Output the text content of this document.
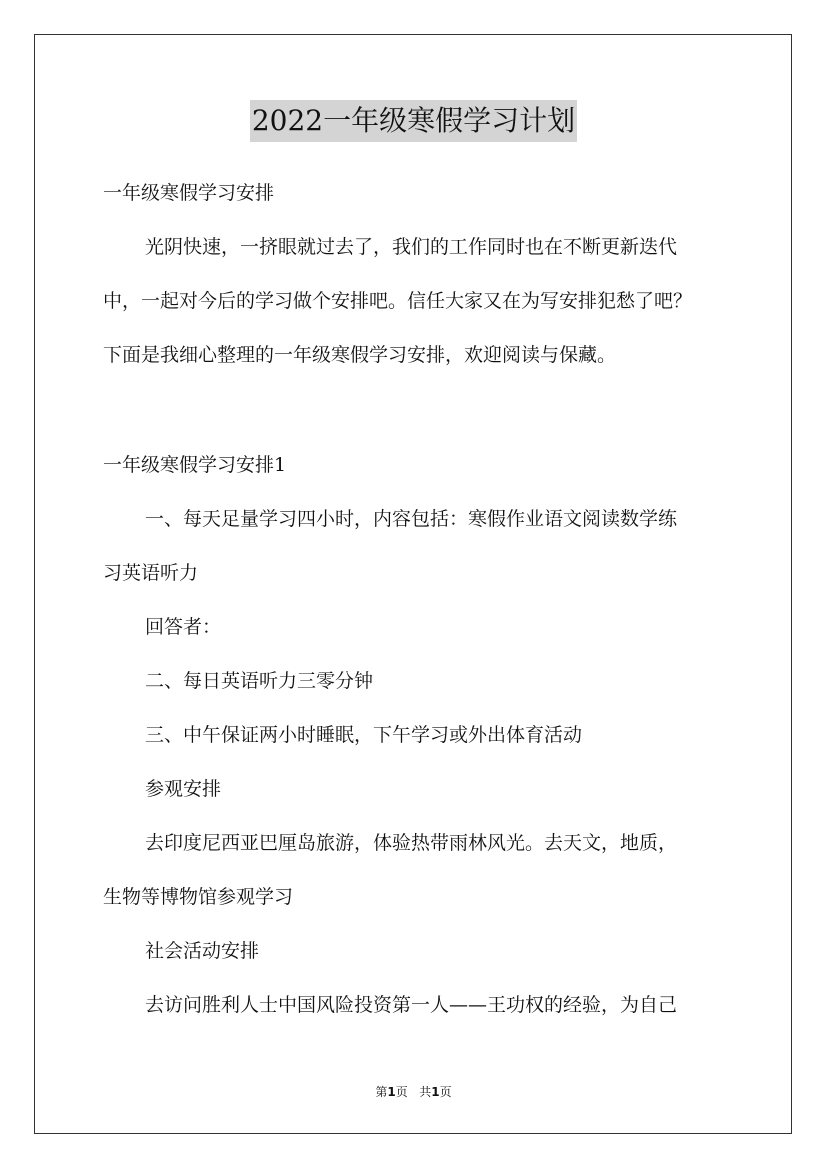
2022一年级寒假学习计划
一年级寒假学习安排
光阴快速，一挤眼就过去了，我们的工作同时也在不断更新迭代
中，一起对今后的学习做个安排吧。信任大家又在为写安排犯愁了吧？
下面是我细心整理的一年级寒假学习安排，欢迎阅读与保藏。
一年级寒假学习安排1
一、每天足量学习四小时，内容包括：寒假作业语文阅读数学练
习英语听力
回答者：
二、每日英语听力三零分钟
三、中午保证两小时睡眠，下午学习或外出体育活动
参观安排
去印度尼西亚巴厘岛旅游，体验热带雨林风光。去天文，地质，
生物等博物馆参观学习
社会活动安排
去访问胜利人士中国风险投资第一人——王功权的经验，为自己
第1页 共1页
